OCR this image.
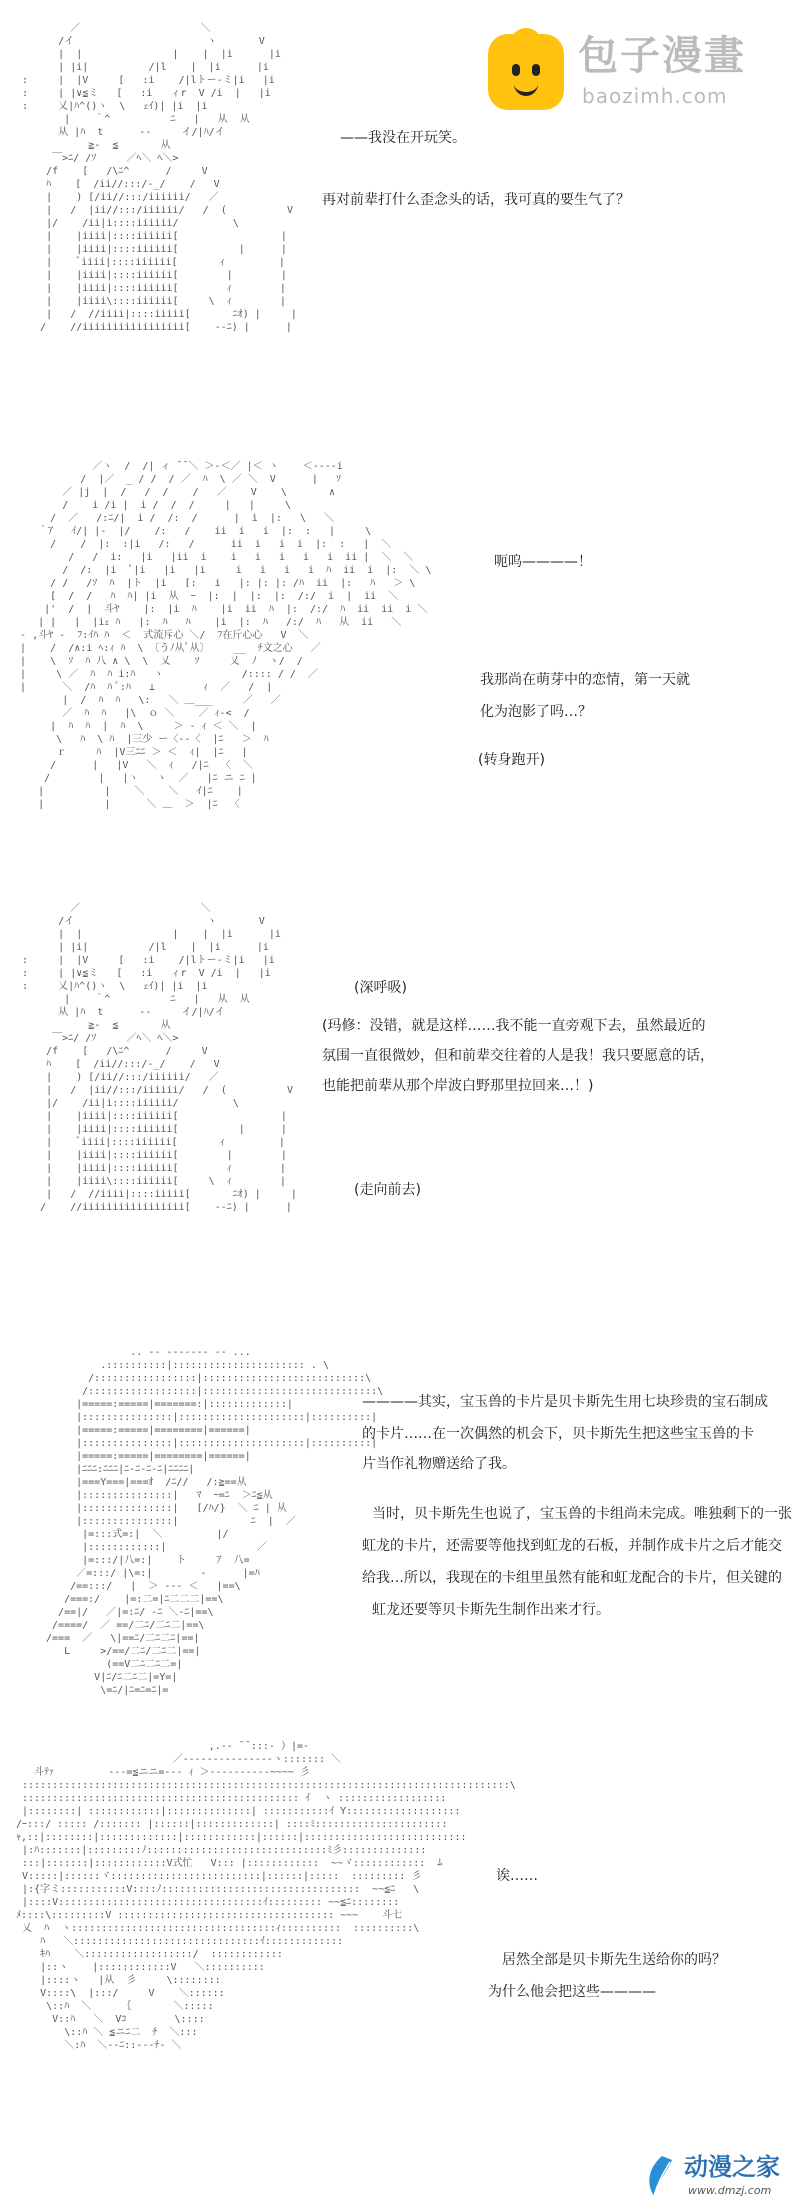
包子漫畫
baozimh.com
／                    ＼
/イ                      ヽ       V
|  |               |    |  |i      |i
| |i|          /|l    |  |i      |i
:     |  |V     [   :i    /|lトー-ミ|i   |i
:     | |∨≦ミ   [   :i   ィr  V /i  |   |i
:     乂|ﾊ^()ヽ  \   ｪｲ)| |i  |i
|    ｀^          ﾆ   |   从  从
从 |ﾊ  t      ‐‐     イ/|ﾊ/イ
≧‐  ≦       从
￣>ﾆ/ /ｿ     ／ﾍ＼ ﾍ＼>
/f    [   /\ﾆ^      /     V
ﾊ    [  /ii//:::/‐_/    /   V
|    ) [/ii//:::/iiiiii/   ／
|   /  |ii//:::/iiiiii/   /  (          V
|/    /ii|i::::iiiiii/         \
|    |iiii|::::iiiiii[                 |
|    |iiii|::::iiiiii[          |      |
|    ﾞiiii|::::iiiiii[       ｨ         |
|    |iiii|::::iiiiii[        |        |
|    |iiii|::::iiiiii[        ｨ        |
|    |iiii\::::iiiiii[     \  ｨ        |
|   /  //iiii|::::iiiii[       ﾆｵ) |     |
/    //iiiiiiiiiiiiiiiii[    ‐‐ﾆ) |      |
——我没在开玩笑。
再对前辈打什么歪念头的话，我可真的要生气了？
／ヽ  /  /| ィ ̄ ̄ ＼ ＞‐＜／ |＜ ヽ    ＜‐‐‐‐i
/  |／  _ / /  / ／  ﾊ  \ ／ ＼  V      |   ｿ
／ |j  |  /   /  /    /   ／    V    \       ∧
/    i /i |  i /  /  /     |   |     \
/  ／   /:ﾆ/|  i /  /:  /      |  i  |:   \   ＼
｀ｱ   ｲ/| |‐  |/    /:   /    ii  i   i  |:  :   |     \
/    /  |:  :|i   /:   /      ii  i   i  i  |:  :   |  ＼
/   /  i:   |i   |ii  i    i   i   i   i   i  ii |  ＼  ＼
/  /:  |i  ﾟ|i   |i   |i     i   i   i   i  ﾊ  ii  i  |:  ＼ \
/ /   /ｿ  ﾊ  |ト  |i   [:   i   |: |: |: /ﾊ  ii  |:   ﾊ   ＞ \
[  /  /   ﾊ  ﾊ| |i  从  ｰ  |:  |  |:  |:  /:/  i  |  ii  ＼
|'  /  |  斗ﾔ    |:  |i  ﾊ    |i  ii  ﾊ  |:  /:/  ﾊ  ii  ii  i ＼
| |   |  |iｪ ﾊ   |:  ﾊ   ﾊ    |i  |:  ﾊ   /:/  ﾊ   从  ii   ＼
‐ ,斗ﾔ ‐  ﾌ:ｲﾊ ﾊ  ＜  式流斥心 ＼/  ﾌ在斤心心   V  ＼
|    /  /∧:i ﾍ:ｨ ﾊ  \ 〔うﾉ从ﾟ从〕    __  ﾁ文之心   ／
|    \  ｿ  ﾊ 八 ∧ \  \  乂    ｿ     乂  ﾉ  ヽ/  /
|     \ ／  ﾊ  ﾊ i:ﾊ   ヽ             /:::: / /  ／
|      ＼  /ﾊ  ﾊ ﾟ:ﾊ   ⊥        ｨ  ／   /  |
|  /  ﾊ  ﾊ   \:   ＼ ＿___     ／   ／
／  ﾊ  ﾊ   |\  ｏ ＼    ／ ｨ‐<  /
|  ﾊ  ﾊ  |  ﾊ  \     ＞ ‐ ｨ ＜ ＼  |
\   ﾊ  \ ﾊ  |三少 ー〈‐‐〈  |ﾆ   ＞  ﾊ
ｒ     ﾊ  |V三ﾆﾆ ＞ ＜  ｨ|  |ﾆ   |
/      |   |V   ＼  ｨ   /|ﾆ  〈  ＼
/        |   |ヽ   ヽ  ／   |ﾆ ニ ﾆ |
|          |    ＼    ＼   ｲ|ﾆ    |
|          |      ＼ ＿  ＞  |ﾆ  〈
呃呜————！
我那尚在萌芽中的恋情，第一天就
化为泡影了吗…？
(转身跑开)
／                    ＼
/イ                      ヽ       V
|  |               |    |  |i      |i
| |i|          /|l    |  |i      |i
:     |  |V     [   :i    /|lトー-ミ|i   |i
:     | |∨≦ミ   [   :i   ィr  V /i  |   |i
:     乂|ﾊ^()ヽ  \   ｪｲ)| |i  |i
|    ｀^          ﾆ   |   从  从
从 |ﾊ  t      ‐‐     イ/|ﾊ/イ
≧‐  ≦       从
￣>ﾆ/ /ｿ     ／ﾍ＼ ﾍ＼>
/f    [   /\ﾆ^      /     V
ﾊ    [  /ii//:::/‐_/    /   V
|    ) [/ii//:::/iiiiii/   ／
|   /  |ii//:::/iiiiii/   /  (          V
|/    /ii|i::::iiiiii/         \
|    |iiii|::::iiiiii[                 |
|    |iiii|::::iiiiii[          |      |
|    ﾞiiii|::::iiiiii[       ｨ         |
|    |iiii|::::iiiiii[        |        |
|    |iiii|::::iiiiii[        ｨ        |
|    |iiii\::::iiiiii[     \  ｨ        |
|   /  //iiii|::::iiiii[       ﾆｵ) |     |
/    //iiiiiiiiiiiiiiiii[    ‐‐ﾆ) |      |
(深呼吸)
(玛修：没错，就是这样……我不能一直旁观下去，虽然最近的
氛围一直很微妙，但和前辈交往着的人是我！我只要愿意的话，
也能把前辈从那个岸波白野那里拉回来…！)
(走向前去)
.. -- ‐‐‐‐‐‐‐ -- ...
.::::::::::|:::::::::::::::::::::: . \
/:::::::::::::::::|:::::::::::::::::::::::::::\
/::::::::::::::::::|:::::::::::::::::::::::::::::\
|=====:=====|=======:|:::::::::::::|
|:::::::::::::::|:::::::::::::::::::::|::::::::::|
|=====:=====|========|======|
|:::::::::::::::|:::::::::::::::::::::|::::::::::|
|=====:=====|========|======|
|ﾆﾆﾆ:ﾆﾆﾆ|ﾆ‐ﾆ‐ﾆ‐ﾆ|ﾆﾆﾆﾆ|
|===Y===|===ｵ  /ﾆ//   /:≧==从
|:::::::::::::::|   ﾏ  ｰ=ﾆ  ＞ﾆ≦从
|:::::::::::::::|   [/ﾊ/}  ＼ ﾆ | 从
|:::::::::::::::|            ﾆ  |  ／
|=:::式=:|  ＼         |/
|::::::::::::|               ／
|=:::/|八=:|    ト     ｱ  八=
／=:::/ |\=:|        ‐      |=ﾊ
/==:::/   |  ＞ ‐‐‐ ＜   |==\
/===:/    |=:二=|ﾆ二二二|==\
/==|/   ／|=:ﾆ/ ‐ﾆ ＼‐ﾆ|==\
/====/  ／ ==/二ﾆ/二ﾆ二|==\
/===  ／   \|==ﾆ/二ﾆ二ﾆ|==|
L     >/==/二ﾆ/二ﾆ二|==|
(==V二ﾆ二ﾆ二=|
V|ﾆ/ﾆ二ﾆ二|=Y=|
\=ﾆ/|ﾆ=ﾆ=ﾆ|=
————其实，宝玉兽的卡片是贝卡斯先生用七块珍贵的宝石制成
的卡片……在一次偶然的机会下，贝卡斯先生把这些宝玉兽的卡
片当作礼物赠送给了我。
当时，贝卡斯先生也说了，宝玉兽的卡组尚未完成。唯独剩下的一张
虹龙的卡片，还需要等他找到虹龙的石板，并制作成卡片之后才能交
给我…所以，我现在的卡组里虽然有能和虹龙配合的卡片，但关键的
虹龙还要等贝卡斯先生制作出来才行。
,.‐‐ ̄ ̄ :::‐ ）|=‐
／‐‐‐‐‐‐‐‐‐‐‐‐‐‐‐ヽ::::::: ＼
斗ﾃｧ         ‐‐‐=≦ニニ=‐‐‐ ｨ ＞‐‐‐‐‐‐‐‐‐‐~~~~ 彡
:::::::::::::::::::::::::::::::::::::::::::::::::::::::::::::::::::::::::::::::::\
:::::::::::::::::::::::::::::::::::::::::::::: ｲ  ヽ ::::::::::::::::::
|::::::::| ::::::::::::|::::::::::::::| :::::::::::ｲ Y:::::::::::::::::::
/ｰ:::/ ::::: /::::::: |::::::|:::::::::::::| ::::ﾐ::::::::::::::::::::::
ｬ,::|::::::::|:::::::::::::|::::::::::::|::::::|:::::::::::::::::::::::::::
|:ﾊ:::::::|:::::::::ﾉ::::::::::::::::::::::::::::::ﾐ彡::::::::::::::
:::|:::::::|::::::::::::V式忙   V::: |::::::::::::  ~~ヾ::::::::::::  ﾑ
V:::::|::::::ヾ:::::::::::::::::::::::::|::::::|:::::  ::::::::: 彡
|:{字ミ:::::::::::V::::ﾉ:::::::::::::::::::::::::::::::::  ~~≦ﾆ   \
|::::V::::::::::::::::::::::::::::::::::ｲ::::::::: ~~≦ﾆ::::::::
ﾒ::::\:::::::::V :::::::::::::::::::::::::::::::::::: ~~~    斗七
乂  ﾊ  ヽ::::::::::::::::::::::::::::::::::ｨ::::::::::  ::::::::::\
ﾊ   ＼:::::::::::::::::::::::::::::::ｲ:::::::::::::
ｷﾊ    ＼::::::::::::::::::/  ::::::::::::
|::ヽ    |::::::::::::V   ＼::::::::::
|::::ヽ   |从  彡     \::::::::
V::::\  |:::/     V    ＼::::::
\::ﾊ  ＼     ｛       ＼:::::
V::ﾊ   ＼  Vｺ        \::::
\::ﾊ ＼ ≦ニﾆ二  ﾁ  ＼:::
＼:ﾊ  ＼‐‐ﾆ::‐‐‐ﾁ‐ ＼
诶……
居然全部是贝卡斯先生送给你的吗？
为什么他会把这些————
动漫之家
www.dmzj.com
